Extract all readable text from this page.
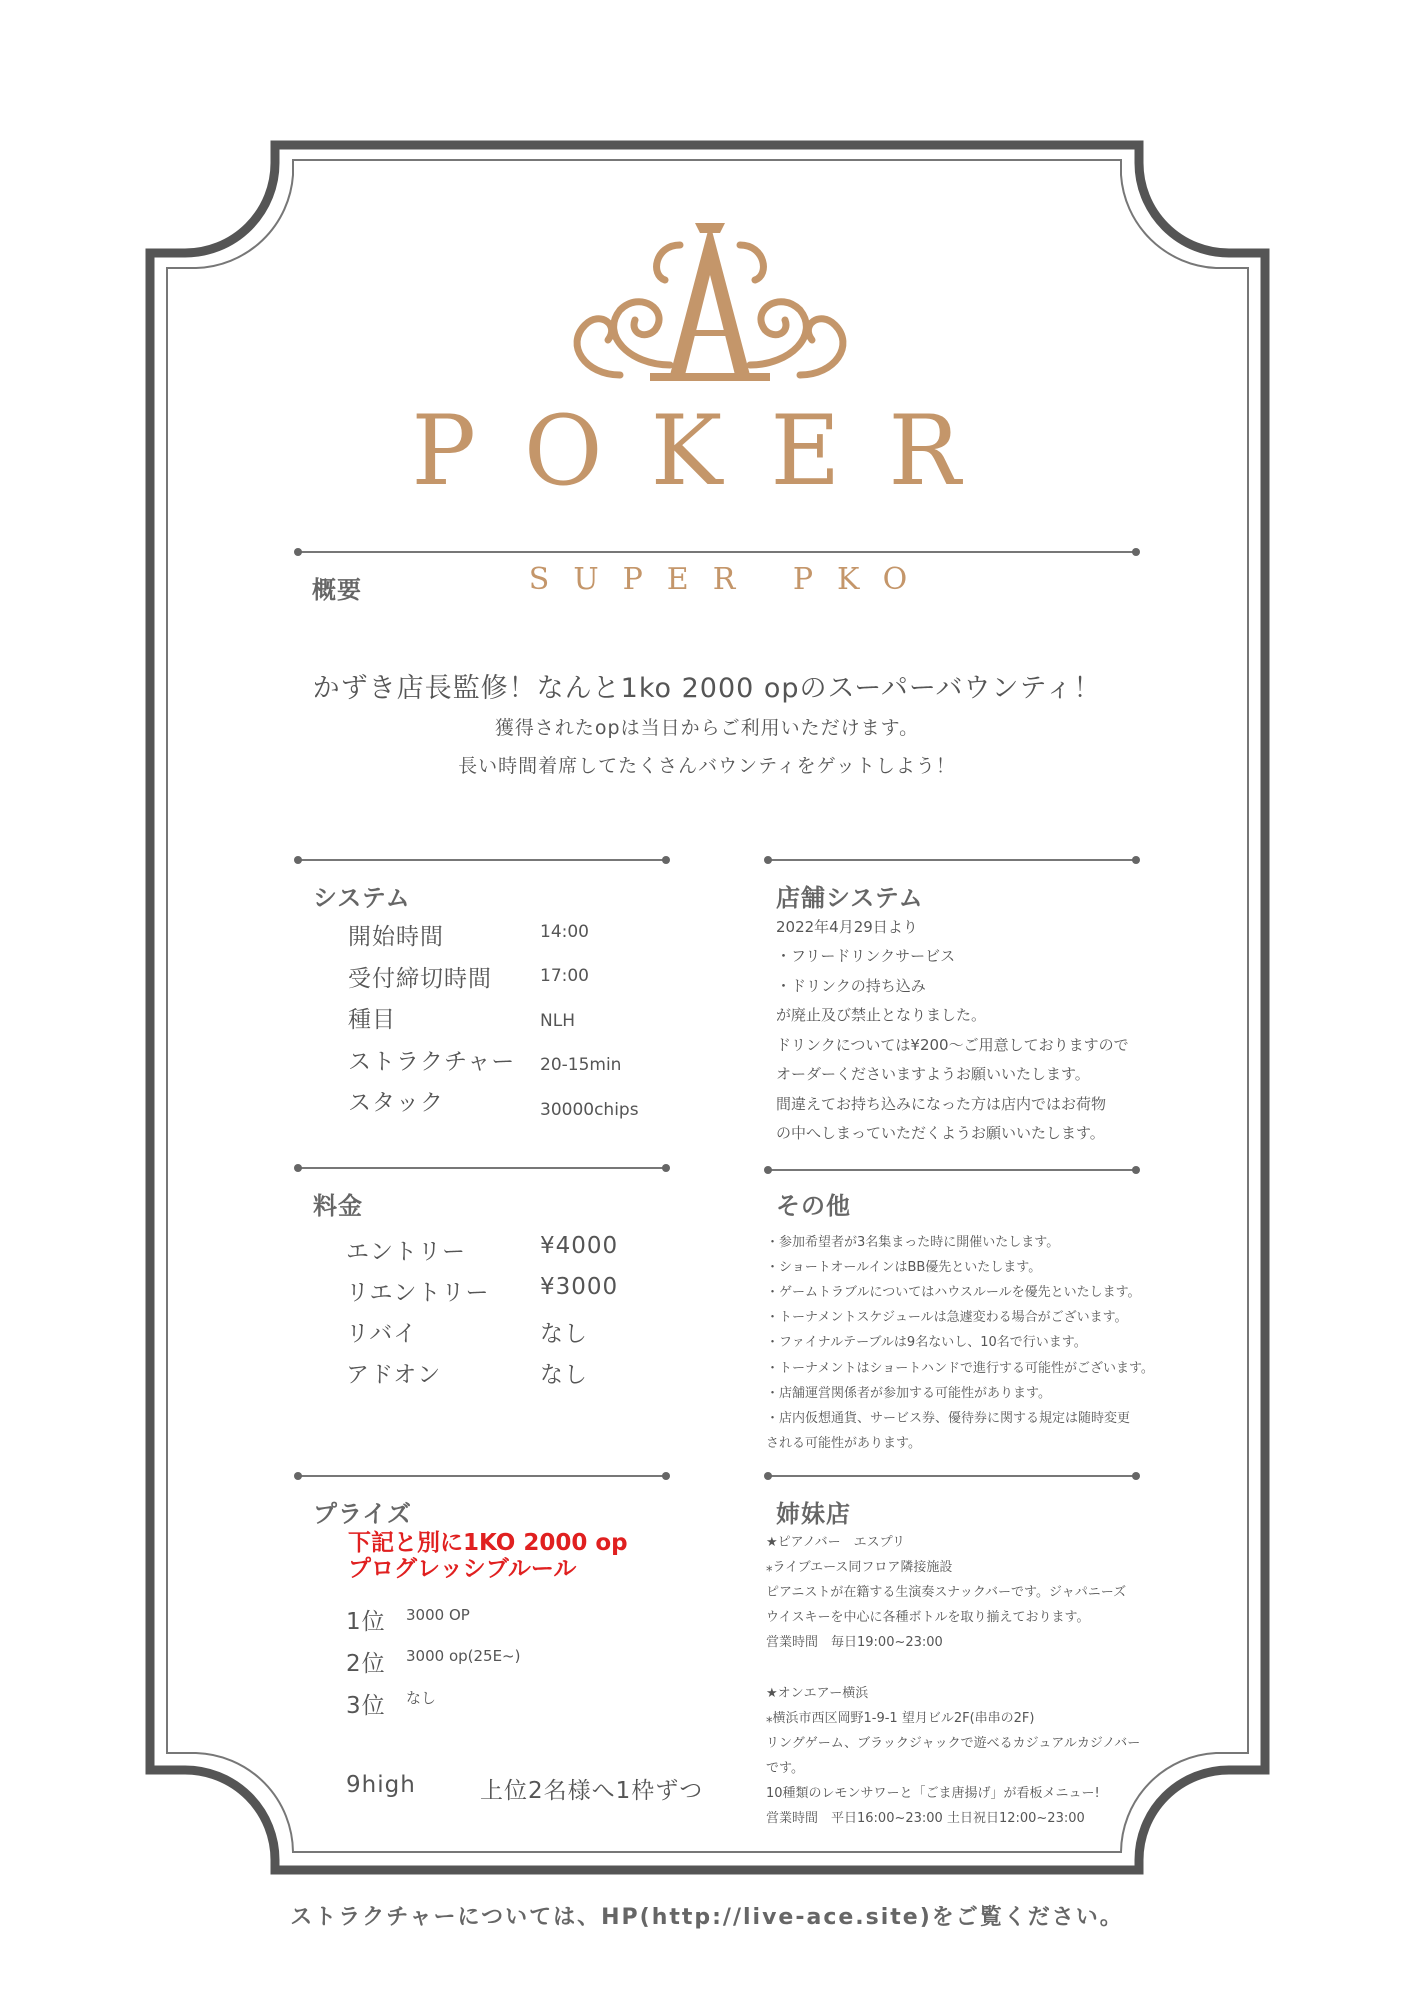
POKER
概要	SUPER PKO
かずき店長監修！なんと1ko 2000 opのスーパーバウンティ！
獲得されたopは当日からご利用いただけます。
長い時間着席してたくさんバウンティをゲットしよう！
システム
開始時間	14:00
受付締切時間	17:00
種目	NLH
ストラクチャー 20-15min
スタック	30000chips
店舗システム
2022年4月29日より
・フリードリンクサービス
・ドリンクの持ち込み
が廃止及び禁止となりました。
ドリンクについては¥200〜ご用意しておりますので
オーダーくださいますようお願いいたします。
間違えてお持ち込みになった方は店内ではお荷物
の中へしまっていただくようお願いいたします。
料金
エントリー	¥4000
リエントリー ¥3000
リバイ	なし
アドオン	なし
その他
・参加希望者が3名集まった時に開催いたします。
・ショートオールインはBB優先といたします。
・ゲームトラブルについてはハウスルールを優先といたします。
・トーナメントスケジュールは急遽変わる場合がございます。
・ファイナルテーブルは9名ないし、10名で行います。
・トーナメントはショートハンドで進行する可能性がございます。
・店舗運営関係者が参加する可能性があります。
・店内仮想通貨、サービス券、優待券に関する規定は随時変更
される可能性があります。
プライズ
下記と別に1KO 2000 op
プログレッシブルール
1位 3000 OP
2位 3000 op(25E~)
3位 なし
9high	上位2名様へ1枠ずつ
姉妹店
★ピアノバー　エスプリ
⁎ライブエース同フロア隣接施設
ピアニストが在籍する生演奏スナックバーです。ジャパニーズ
ウイスキーを中心に各種ボトルを取り揃えております。
営業時間　毎日19:00~23:00
★オンエアー横浜
⁎横浜市西区岡野1-9-1 望月ビル2F(串串の2F)
リングゲーム、ブラックジャックで遊べるカジュアルカジノバー
です。
10種類のレモンサワーと「ごま唐揚げ」が看板メニュー!
営業時間　平日16:00~23:00 土日祝日12:00~23:00
ストラクチャーについては、HP(http://live-ace.site)をご覧ください。
